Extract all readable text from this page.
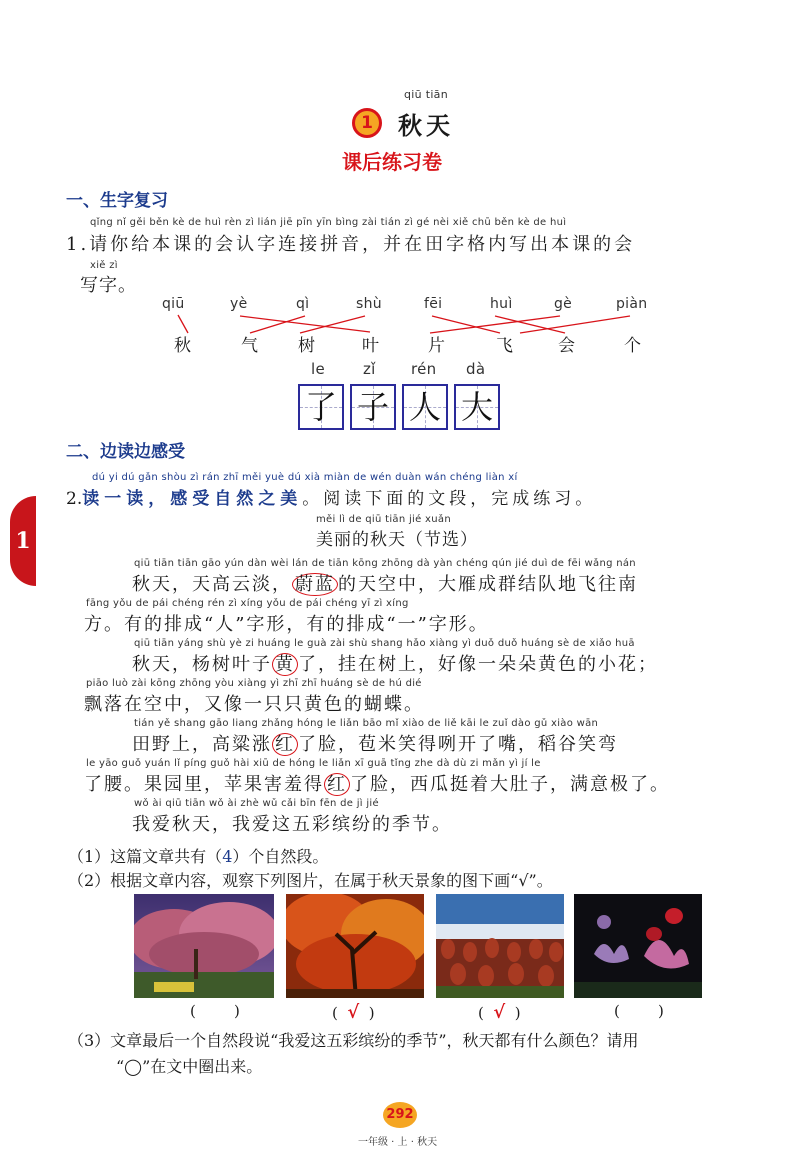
qiū tiān
1	秋天
课后练习卷
1
一、生字复习
qǐng nǐ gěi běn kè de huì rèn zì lián jiē pīn yīn bìng zài tián zì gé nèi xiě chū běn kè de huì
1.请你给本课的会认字连接拼音，并在田字格内写出本课的会
xiě zì
写字。
qiū	yè	qì	shù	fēi	huì	gè	piàn
秋	气 树	叶	片	飞	会	个
le	zǐ rén dà
了 子 人 大
二、边读边感受
dú yi dú gǎn shòu zì rán zhī měi yuè dú xià miàn de wén duàn wán chéng liàn xí
2.读一读，感受自然之美。阅读下面的文段，完成练习。
měi lì de qiū tiān jié xuǎn
美丽的秋天（节选）
qiū tiān tiān gāo yún dàn wèi lán de tiān kōng zhōng dà yàn chéng qún jié duì de fēi wǎng nán
秋天，天高云淡， 蔚蓝 的天空中，大雁成群结队地飞往南
fāng yǒu de pái chéng rén zì xíng yǒu de pái chéng yī zì xíng
方。有的排成“人”字形，有的排成“一”字形。
qiū tiān yáng shù yè zi huáng le guà zài shù shang hǎo xiàng yì duǒ duǒ huáng sè de xiǎo huā
秋天，杨树叶子 黄 了，挂在树上，好像一朵朵黄色的小花；
piāo luò zài kōng zhōng yòu xiàng yì zhī zhī huáng sè de hú dié
飘落在空中，又像一只只黄色的蝴蝶。
tián yě shang gāo liang zhǎng hóng le liǎn bāo mǐ xiào de liě kāi le zuǐ dào gǔ xiào wān
田野上，高粱涨 红 了脸，苞米笑得咧开了嘴，稻谷笑弯
le yāo guǒ yuán lǐ píng guǒ hài xiū de hóng le liǎn xī guā tǐng zhe dà dù zi mǎn yì jí le
了腰。果园里，苹果害羞得 红 了脸，西瓜挺着大肚子，满意极了。
wǒ ài qiū tiān wǒ ài zhè wǔ cǎi bīn fēn de jì jié
我爱秋天，我爱这五彩缤纷的季节。
（1）这篇文章共有（4）个自然段。
（2）根据文章内容，观察下列图片，在属于秋天景象的图下画“√”。
(        )	(  √  )	(  √  )	(        )
（3）文章最后一个自然段说“我爱这五彩缤纷的季节”，秋天都有什么颜色？请用
“◯”在文中圈出来。
292
一年级 · 上 · 秋天
